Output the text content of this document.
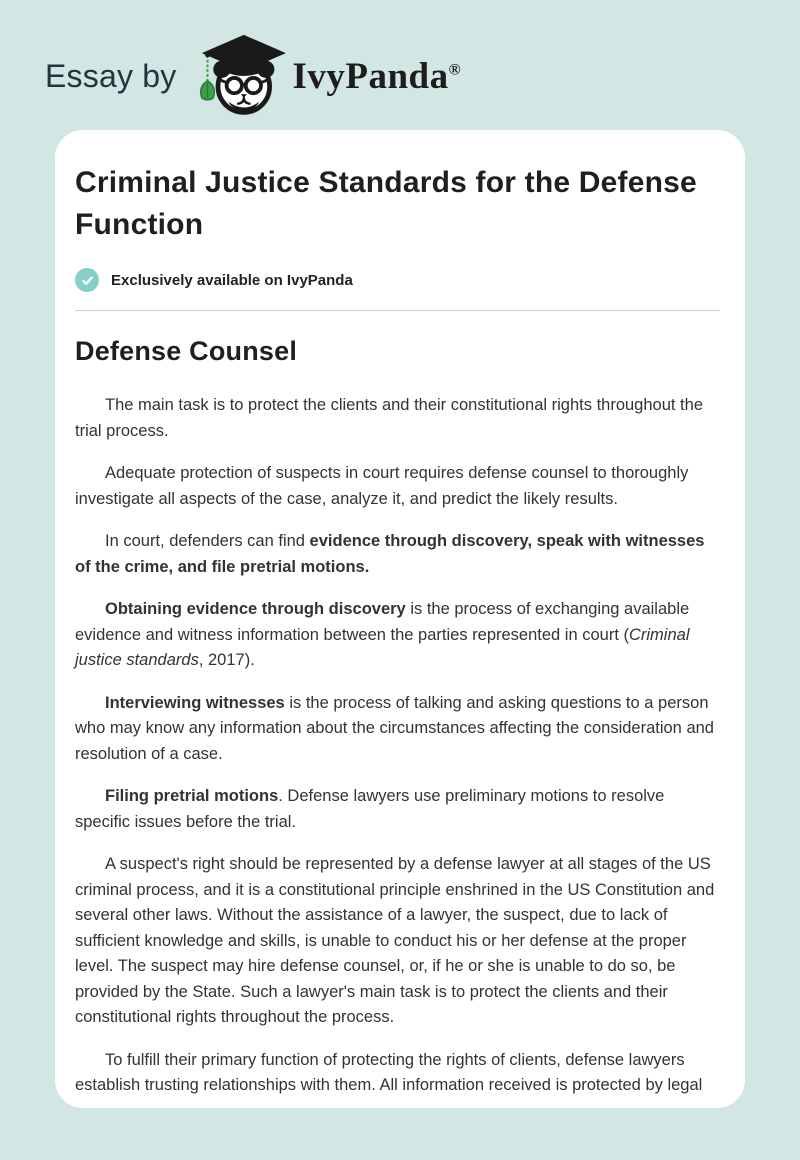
Essay by	IvyPanda®
Criminal Justice Standards for the Defense Function
Exclusively available on IvyPanda
Defense Counsel

The main task is to protect the clients and their constitutional rights throughout the trial process.

Adequate protection of suspects in court requires defense counsel to thoroughly investigate all aspects of the case, analyze it, and predict the likely results.

In court, defenders can find evidence through discovery, speak with witnesses of the crime, and file pretrial motions.

Obtaining evidence through discovery is the process of exchanging available evidence and witness information between the parties represented in court (Criminal justice standards, 2017).

Interviewing witnesses is the process of talking and asking questions to a person who may know any information about the circumstances affecting the consideration and resolution of a case.

Filing pretrial motions. Defense lawyers use preliminary motions to resolve specific issues before the trial.

A suspect's right should be represented by a defense lawyer at all stages of the US criminal process, and it is a constitutional principle enshrined in the US Constitution and several other laws. Without the assistance of a lawyer, the suspect, due to lack of sufficient knowledge and skills, is unable to conduct his or her defense at the proper level. The suspect may hire defense counsel, or, if he or she is unable to do so, be provided by the State. Such a lawyer's main task is to protect the clients and their constitutional rights throughout the process.

To fulfill their primary function of protecting the rights of clients, defense lawyers establish trusting relationships with them. All information received is protected by legal
